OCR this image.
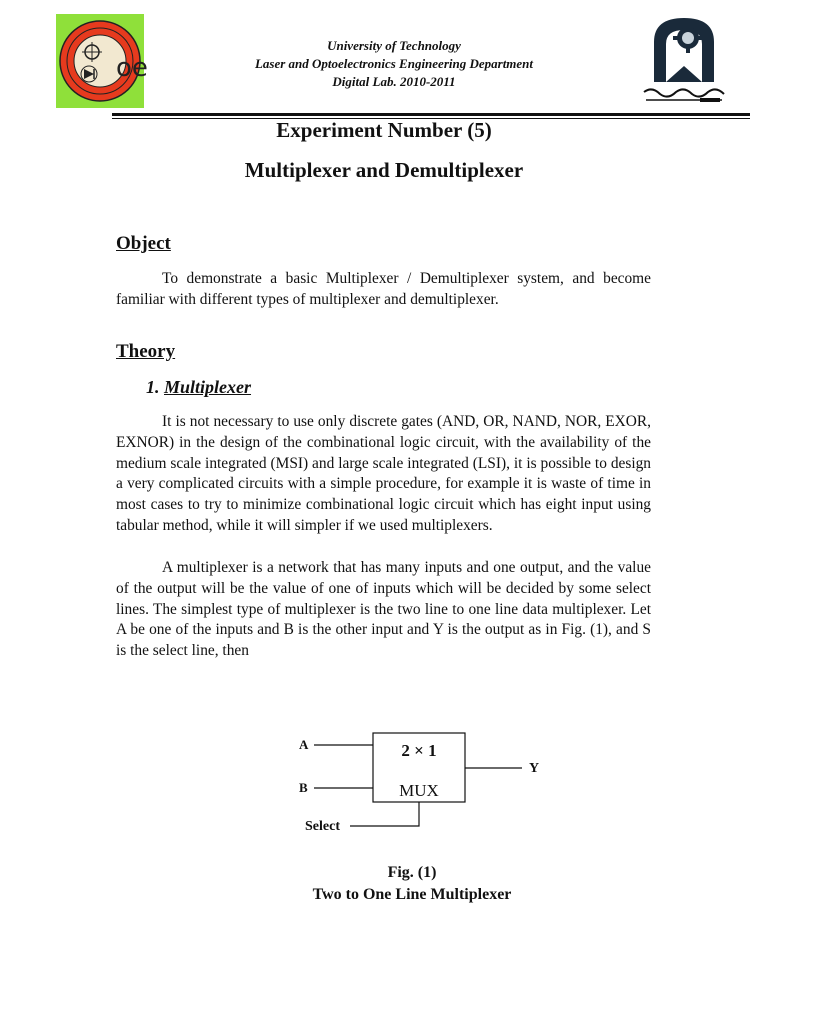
oe
University of Technology
Laser and Optoelectronics Engineering Department
Digital Lab. 2010-2011
Experiment Number (5)
Multiplexer and Demultiplexer
Object

To demonstrate a basic Multiplexer / Demultiplexer system, and become familiar with different types of multiplexer and demultiplexer.

Theory
1. Multiplexer

It is not necessary to use only discrete gates (AND, OR, NAND, NOR, EXOR, EXNOR) in the design of the combinational logic circuit, with the availability of the medium scale integrated (MSI) and large scale integrated (LSI), it is possible to design a very complicated circuits with a simple procedure, for example it is waste of time in most cases to try to minimize combinational logic circuit which has eight input using tabular method, while it will simpler if we used multiplexers.

A multiplexer is a network that has many inputs and one output, and the value of the output will be the value of one of inputs which will be decided by some select lines. The simplest type of multiplexer is the two line to one line data multiplexer. Let A be one of the inputs and B is the other input and Y is the output as in Fig. (1), and S is the select line, then

A
B
Select
Y
2 × 1
MUX
Fig. (1)
Two to One Line Multiplexer
